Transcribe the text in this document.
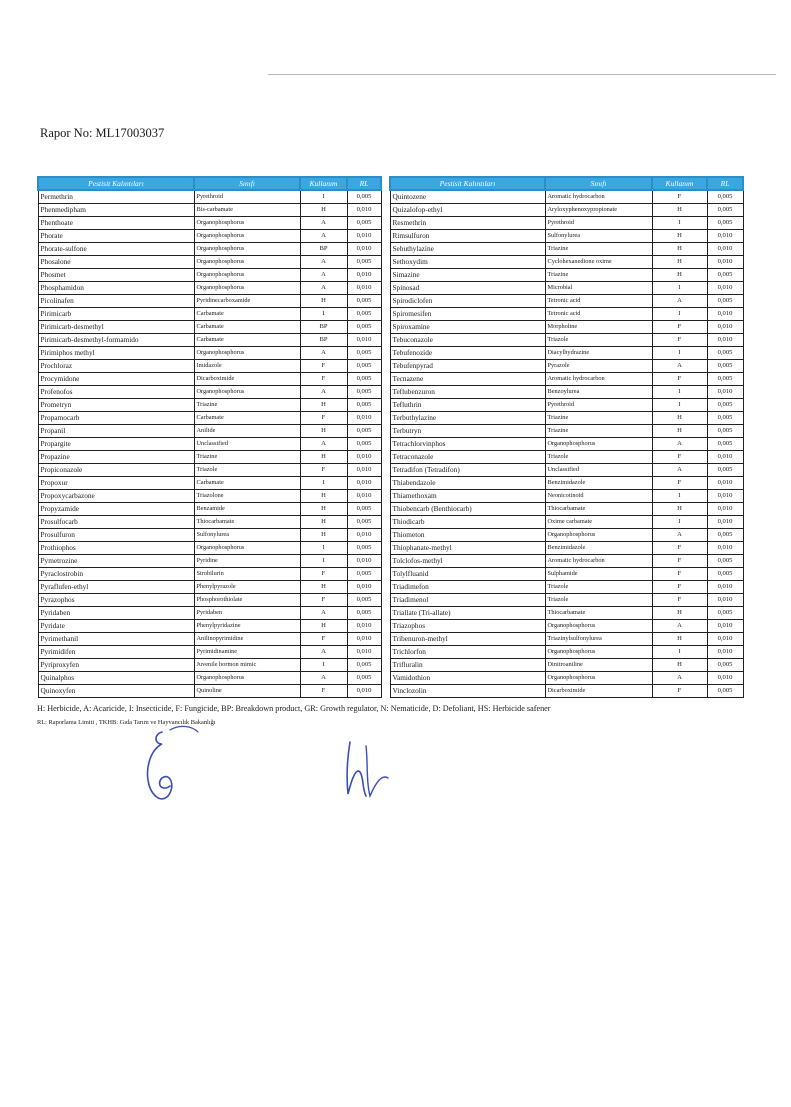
Rapor No: ML17003037
Pestisit Kalıntıları	Sınıfı	Kullanım	RL
Permethrin	Pyrethroid	I	0,005
Phenmedipham	Bis-carbamate	H	0,010
Phenthoate	Organophosphorus	A	0,005
Phorate	Organophosphorus	A	0,010
Phorate-sulfone	Organophosphorus	BP	0,010
Phosalone	Organophosphorus	A	0,005
Phosmet	Organophosphorus	A	0,010
Phosphamidon	Organophosphorus	A	0,010
Picolinafen	Pyridinecarboxamide	H	0,005
Pirimicarb	Carbamate	I	0,005
Pirimicarb-desmethyl	Carbamate	BP	0,005
Pirimicarb-desmethyl-formamido	Carbamate	BP	0,010
Pirimiphos methyl	Organophosphorus	A	0,005
Prochloraz	Imidazole	F	0,005
Procymidone	Dicarboximide	F	0,005
Profenofos	Organophosphorus	A	0,005
Prometryn	Triazine	H	0,005
Propamocarb	Carbamate	F	0,010
Propanil	Anilide	H	0,005
Propargite	Unclassified	A	0,005
Propazine	Triazine	H	0,010
Propiconazole	Triazole	F	0,010
Propoxur	Carbamate	I	0,010
Propoxycarbazone	Triazolone	H	0,010
Propyzamide	Benzamide	H	0,005
Prosulfocarb	Thiocarbamate	H	0,005
Prosulfuron	Sulfonylurea	H	0,010
Prothiophos	Organophosphorus	I	0,005
Pymetrozine	Pyridine	I	0,010
Pyraclostrobin	Strobilurin	F	0,005
Pyraflufen-ethyl	Phenylpyrazole	H	0,010
Pyrazophos	Phosphorothiolate	F	0,005
Pyridaben	Pyridaben	A	0,005
Pyridate	Phenylpyridazine	H	0,010
Pyrimethanil	Anilinopyrimidine	F	0,010
Pyrimidifen	Pyrimidinamine	A	0,010
Pyriproxyfen	Juvenile hormon mimic	I	0,005
Quinalphos	Organophosphorus	A	0,005
Quinoxyfen	Quinoline	F	0,010
Pestisit Kalıntıları	Sınıfı	Kullanım	RL
Quintozene	Aromatic hydrocarbon	F	0,005
Quizalofop-ethyl	Aryloxyphenoxypropionate	H	0,005
Resmethrin	Pyrethroid	I	0,005
Rimsulfuron	Sulfonylurea	H	0,010
Sebuthylazine	Triazine	H	0,010
Sethoxydim	Cyclohexanedione oxime	H	0,010
Simazine	Triazine	H	0,005
Spinosad	Microbial	I	0,010
Spirodiclofen	Tetronic acid	A	0,005
Spiromesifen	Tetronic acid	I	0,010
Spiroxamine	Morpholine	F	0,010
Tebuconazole	Triazole	F	0,010
Tebufenozide	Diacylhydrazine	I	0,005
Tebufenpyrad	Pyrazole	A	0,005
Tecnazene	Aromatic hydrocarbon	F	0,005
Teflubenzuron	Benzoylurea	I	0,010
Tefluthrin	Pyrethroid	I	0,005
Terbuthylazine	Triazine	H	0,005
Terbutryn	Triazine	H	0,005
Tetrachlorvinphos	Organophosphorus	A	0,005
Tetraconazole	Triazole	F	0,010
Tetradifon (Tetradifon)	Unclassified	A	0,005
Thiabendazole	Benzimidazole	F	0,010
Thiamethoxam	Neonicotinoid	I	0,010
Thiobencarb (Benthiocarb)	Thiocarbamate	H	0,010
Thiodicarb	Oxime carbamate	I	0,010
Thiometon	Organophosphorus	A	0,005
Thiophanate-methyl	Benzimidazole	F	0,010
Tolclofos-methyl	Aromatic hydrocarbon	F	0,005
Tolylfluanid	Sulphamide	F	0,005
Triadimefon	Triazole	F	0,010
Triadimenol	Triazole	F	0,010
Triallate (Tri-allate)	Thiocarbamate	H	0,005
Triazophos	Organophosphorus	A	0,010
Tribenuron-methyl	Triazinylsulfonylurea	H	0,010
Trichlorfon	Organophosphorus	I	0,010
Trifluralin	Dinitroaniline	H	0,005
Vamidothion	Organophosphorus	A	0,010
Vinclozolin	Dicarboximide	F	0,005
H: Herbicide, A: Acaricide, I: Insecticide, F: Fungicide, BP: Breakdown product, GR: Growth regulator, N: Nematicide, D: Defoliant, HS: Herbicide safener
RL: Raporlama Limiti , TKHB: Gıda Tarım ve Hayvancılık Bakanlığı
